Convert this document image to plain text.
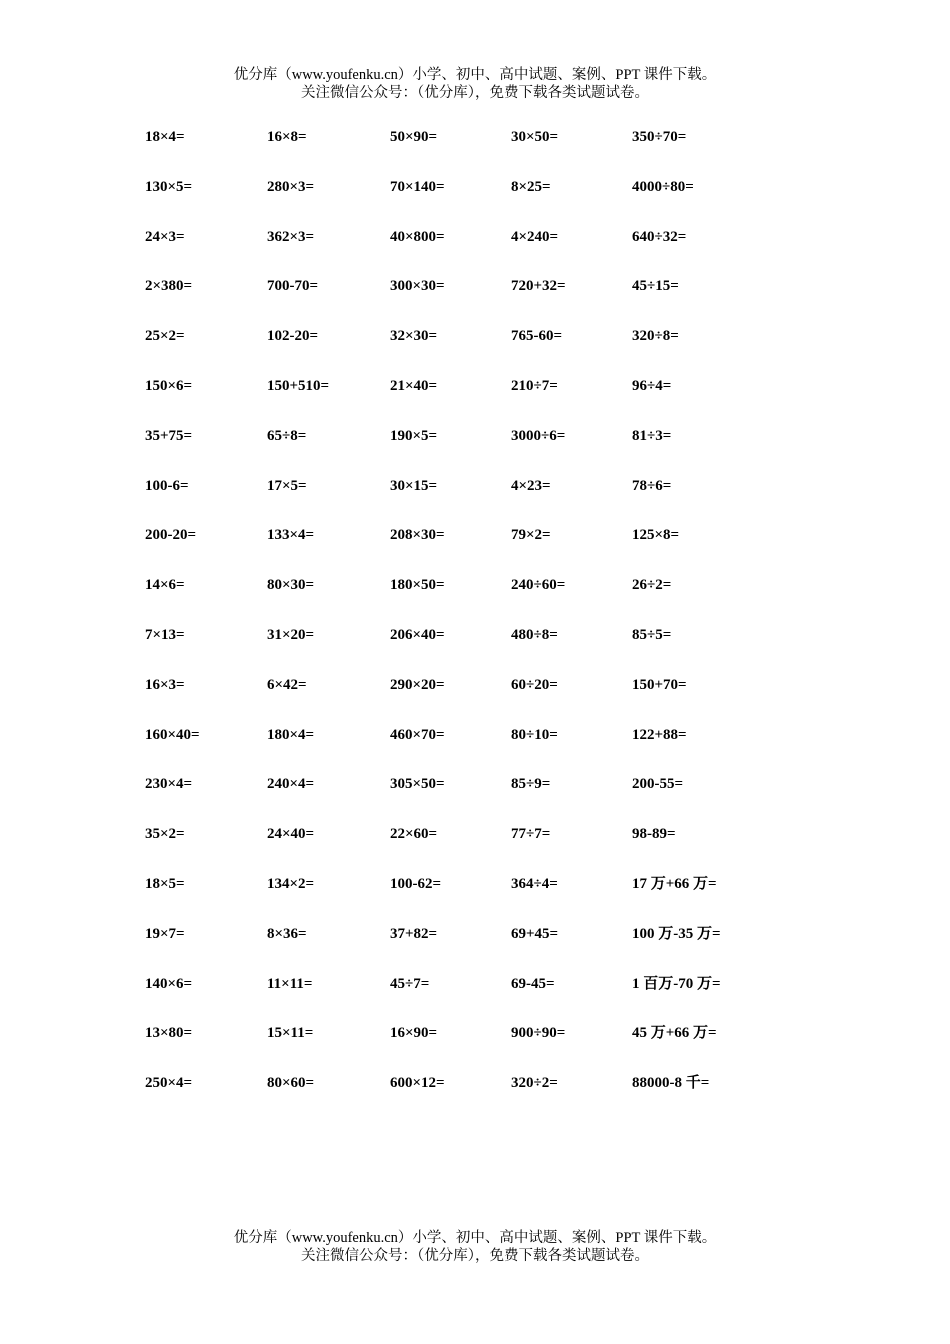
优分库（www.youfenku.cn）小学、初中、高中试题、案例、PPT 课件下载。
关注微信公众号：（优分库），免费下载各类试题试卷。
18×4=	16×8=	50×90=	30×50=	350÷70=
130×5=	280×3=	70×140=	8×25=	4000÷80=
24×3=	362×3=	40×800=	4×240=	640÷32=
2×380=	700-70=	300×30=	720+32=	45÷15=
25×2=	102-20=	32×30=	765-60=	320÷8=
150×6=	150+510=	21×40=	210÷7=	96÷4=
35+75=	65÷8=	190×5=	3000÷6=	81÷3=
100-6=	17×5=	30×15=	4×23=	78÷6=
200-20=	133×4=	208×30=	79×2=	125×8=
14×6=	80×30=	180×50=	240÷60=	26÷2=
7×13=	31×20=	206×40=	480÷8=	85÷5=
16×3=	6×42=	290×20=	60÷20=	150+70=
160×40=	180×4=	460×70=	80÷10=	122+88=
230×4=	240×4=	305×50=	85÷9=	200-55=
35×2=	24×40=	22×60=	77÷7=	98-89=
18×5=	134×2=	100-62=	364÷4=	17 万+66 万=
19×7=	8×36=	37+82=	69+45=	100 万-35 万=
140×6=	11×11=	45÷7=	69-45=	1 百万-70 万=
13×80=	15×11=	16×90=	900÷90=	45 万+66 万=
250×4=	80×60=	600×12=	320÷2=	88000-8 千=
优分库（www.youfenku.cn）小学、初中、高中试题、案例、PPT 课件下载。
关注微信公众号：（优分库），免费下载各类试题试卷。
